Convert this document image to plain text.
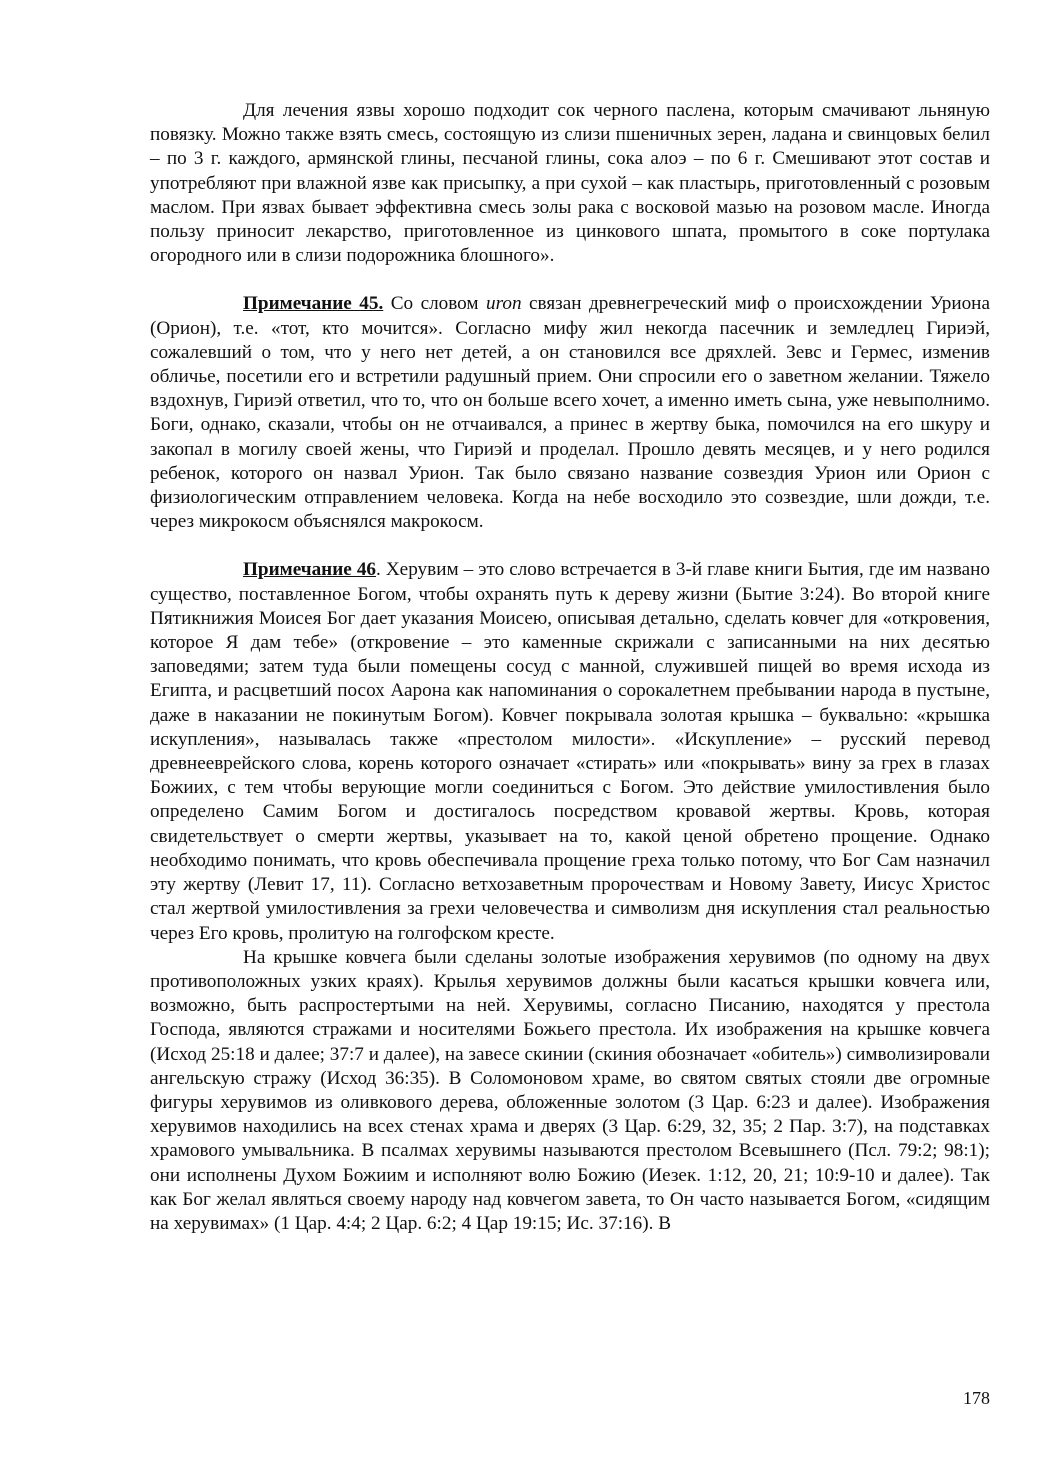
Для лечения язвы хорошо подходит сок черного паслена, которым смачивают льняную повязку. Можно также взять смесь, состоящую из слизи пшеничных зерен, ладана и свинцовых белил – по 3 г. каждого, армянской глины, песчаной глины, сока алоэ – по 6 г. Смешивают этот состав и употребляют при влажной язве как присыпку, а при сухой – как пластырь, приготовленный с розовым маслом. При язвах бывает эффективна смесь золы рака с восковой мазью на розовом масле. Иногда пользу приносит лекарство, приготовленное из цинкового шпата, промытого в соке портулака огородного или в слизи подорожника блошного».

Примечание 45. Со словом uron связан древнегреческий миф о происхождении Уриона (Орион), т.е. «тот, кто мочится». Согласно мифу жил некогда пасечник и земледлец Гириэй, сожалевший о том, что у него нет детей, а он становился все дряхлей. Зевс и Гермес, изменив обличье, посетили его и встретили радушный прием. Они спросили его о заветном желании. Тяжело вздохнув, Гириэй ответил, что то, что он больше всего хочет, а именно иметь сына, уже невыполнимо. Боги, однако, сказали, чтобы он не отчаивался, а принес в жертву быка, помочился на его шкуру и закопал в могилу своей жены, что Гириэй и проделал. Прошло девять месяцев, и у него родился ребенок, которого он назвал Урион. Так было связано название созвездия Урион или Орион с физиологическим отправлением человека. Когда на небе восходило это созвездие, шли дожди, т.е. через микрокосм объяснялся макрокосм.

Примечание 46. Херувим – это слово встречается в 3-й главе книги Бытия, где им названо существо, поставленное Богом, чтобы охранять путь к дереву жизни (Бытие 3:24). Во второй книге Пятикнижия Моисея Бог дает указания Моисею, описывая детально, сделать ковчег для «откровения, которое Я дам тебе» (откровение – это каменные скрижали с записанными на них десятью заповедями; затем туда были помещены сосуд с манной, служившей пищей во время исхода из Египта, и расцветший посох Аарона как напоминания о сорокалетнем пребывании народа в пустыне, даже в наказании не покинутым Богом). Ковчег покрывала золотая крышка – буквально: «крышка искупления», называлась также «престолом милости». «Искупление» – русский перевод древнееврейского слова, корень которого означает «стирать» или «покрывать» вину за грех в глазах Божиих, с тем чтобы верующие могли соединиться с Богом. Это действие умилостивления было определено Самим Богом и достигалось посредством кровавой жертвы. Кровь, которая свидетельствует о смерти жертвы, указывает на то, какой ценой обретено прощение. Однако необходимо понимать, что кровь обеспечивала прощение греха только потому, что Бог Сам назначил эту жертву (Левит 17, 11). Согласно ветхозаветным пророчествам и Новому Завету, Иисус Христос стал жертвой умилостивления за грехи человечества и символизм дня искупления стал реальностью через Его кровь, пролитую на голгофском кресте.

На крышке ковчега были сделаны золотые изображения херувимов (по одному на двух противоположных узких краях). Крылья херувимов должны были касаться крышки ковчега или, возможно, быть распростертыми на ней. Херувимы, согласно Писанию, находятся у престола Господа, являются стражами и носителями Божьего престола. Их изображения на крышке ковчега (Исход 25:18 и далее; 37:7 и далее), на завесе скинии (скиния обозначает «обитель») символизировали ангельскую стражу (Исход 36:35). В Соломоновом храме, во святом святых стояли две огромные фигуры херувимов из оливкового дерева, обложенные золотом (3 Цар. 6:23 и далее). Изображения херувимов находились на всех стенах храма и дверях (3 Цар. 6:29, 32, 35; 2 Пар. 3:7), на подставках храмового умывальника. В псалмах херувимы называются престолом Всевышнего (Псл. 79:2; 98:1); они исполнены Духом Божиим и исполняют волю Божию (Иезек. 1:12, 20, 21; 10:9-10 и далее). Так как Бог желал являться своему народу над ковчегом завета, то Он часто называется Богом, «сидящим на херувимах» (1 Цар. 4:4; 2 Цар. 6:2; 4 Цар 19:15; Ис. 37:16). В

178
